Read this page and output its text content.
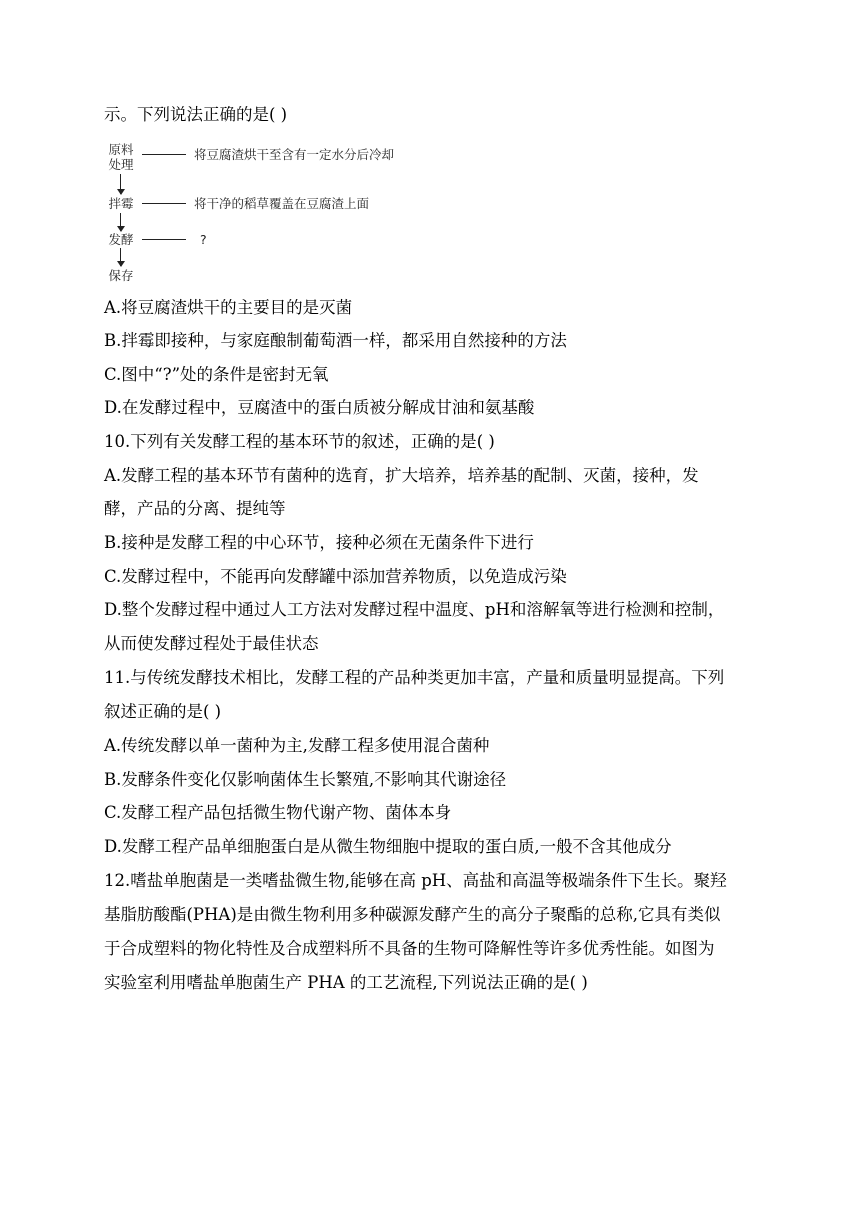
示。下列说法正确的是( )
原料
处理
将豆腐渣烘干至含有一定水分后冷却
拌霉	将干净的稻草覆盖在豆腐渣上面
发酵	?
保存
A.将豆腐渣烘干的主要目的是灭菌
B.拌霉即接种，与家庭酿制葡萄酒一样，都采用自然接种的方法
C.图中“?”处的条件是密封无氧
D.在发酵过程中，豆腐渣中的蛋白质被分解成甘油和氨基酸
10.下列有关发酵工程的基本环节的叙述，正确的是( )
A.发酵工程的基本环节有菌种的选育，扩大培养，培养基的配制、灭菌，接种，发
酵，产品的分离、提纯等
B.接种是发酵工程的中心环节，接种必须在无菌条件下进行
C.发酵过程中，不能再向发酵罐中添加营养物质，以免造成污染
D.整个发酵过程中通过人工方法对发酵过程中温度、pH和溶解氧等进行检测和控制，
从而使发酵过程处于最佳状态
11.与传统发酵技术相比，发酵工程的产品种类更加丰富，产量和质量明显提高。下列
叙述正确的是( )
A.传统发酵以单一菌种为主,发酵工程多使用混合菌种
B.发酵条件变化仅影响菌体生长繁殖,不影响其代谢途径
C.发酵工程产品包括微生物代谢产物、菌体本身
D.发酵工程产品单细胞蛋白是从微生物细胞中提取的蛋白质,一般不含其他成分
12.嗜盐单胞菌是一类嗜盐微生物,能够在高 pH、高盐和高温等极端条件下生长。聚羟
基脂肪酸酯(PHA)是由微生物利用多种碳源发酵产生的高分子聚酯的总称,它具有类似
于合成塑料的物化特性及合成塑料所不具备的生物可降解性等许多优秀性能。如图为
实验室利用嗜盐单胞菌生产 PHA 的工艺流程,下列说法正确的是( )
